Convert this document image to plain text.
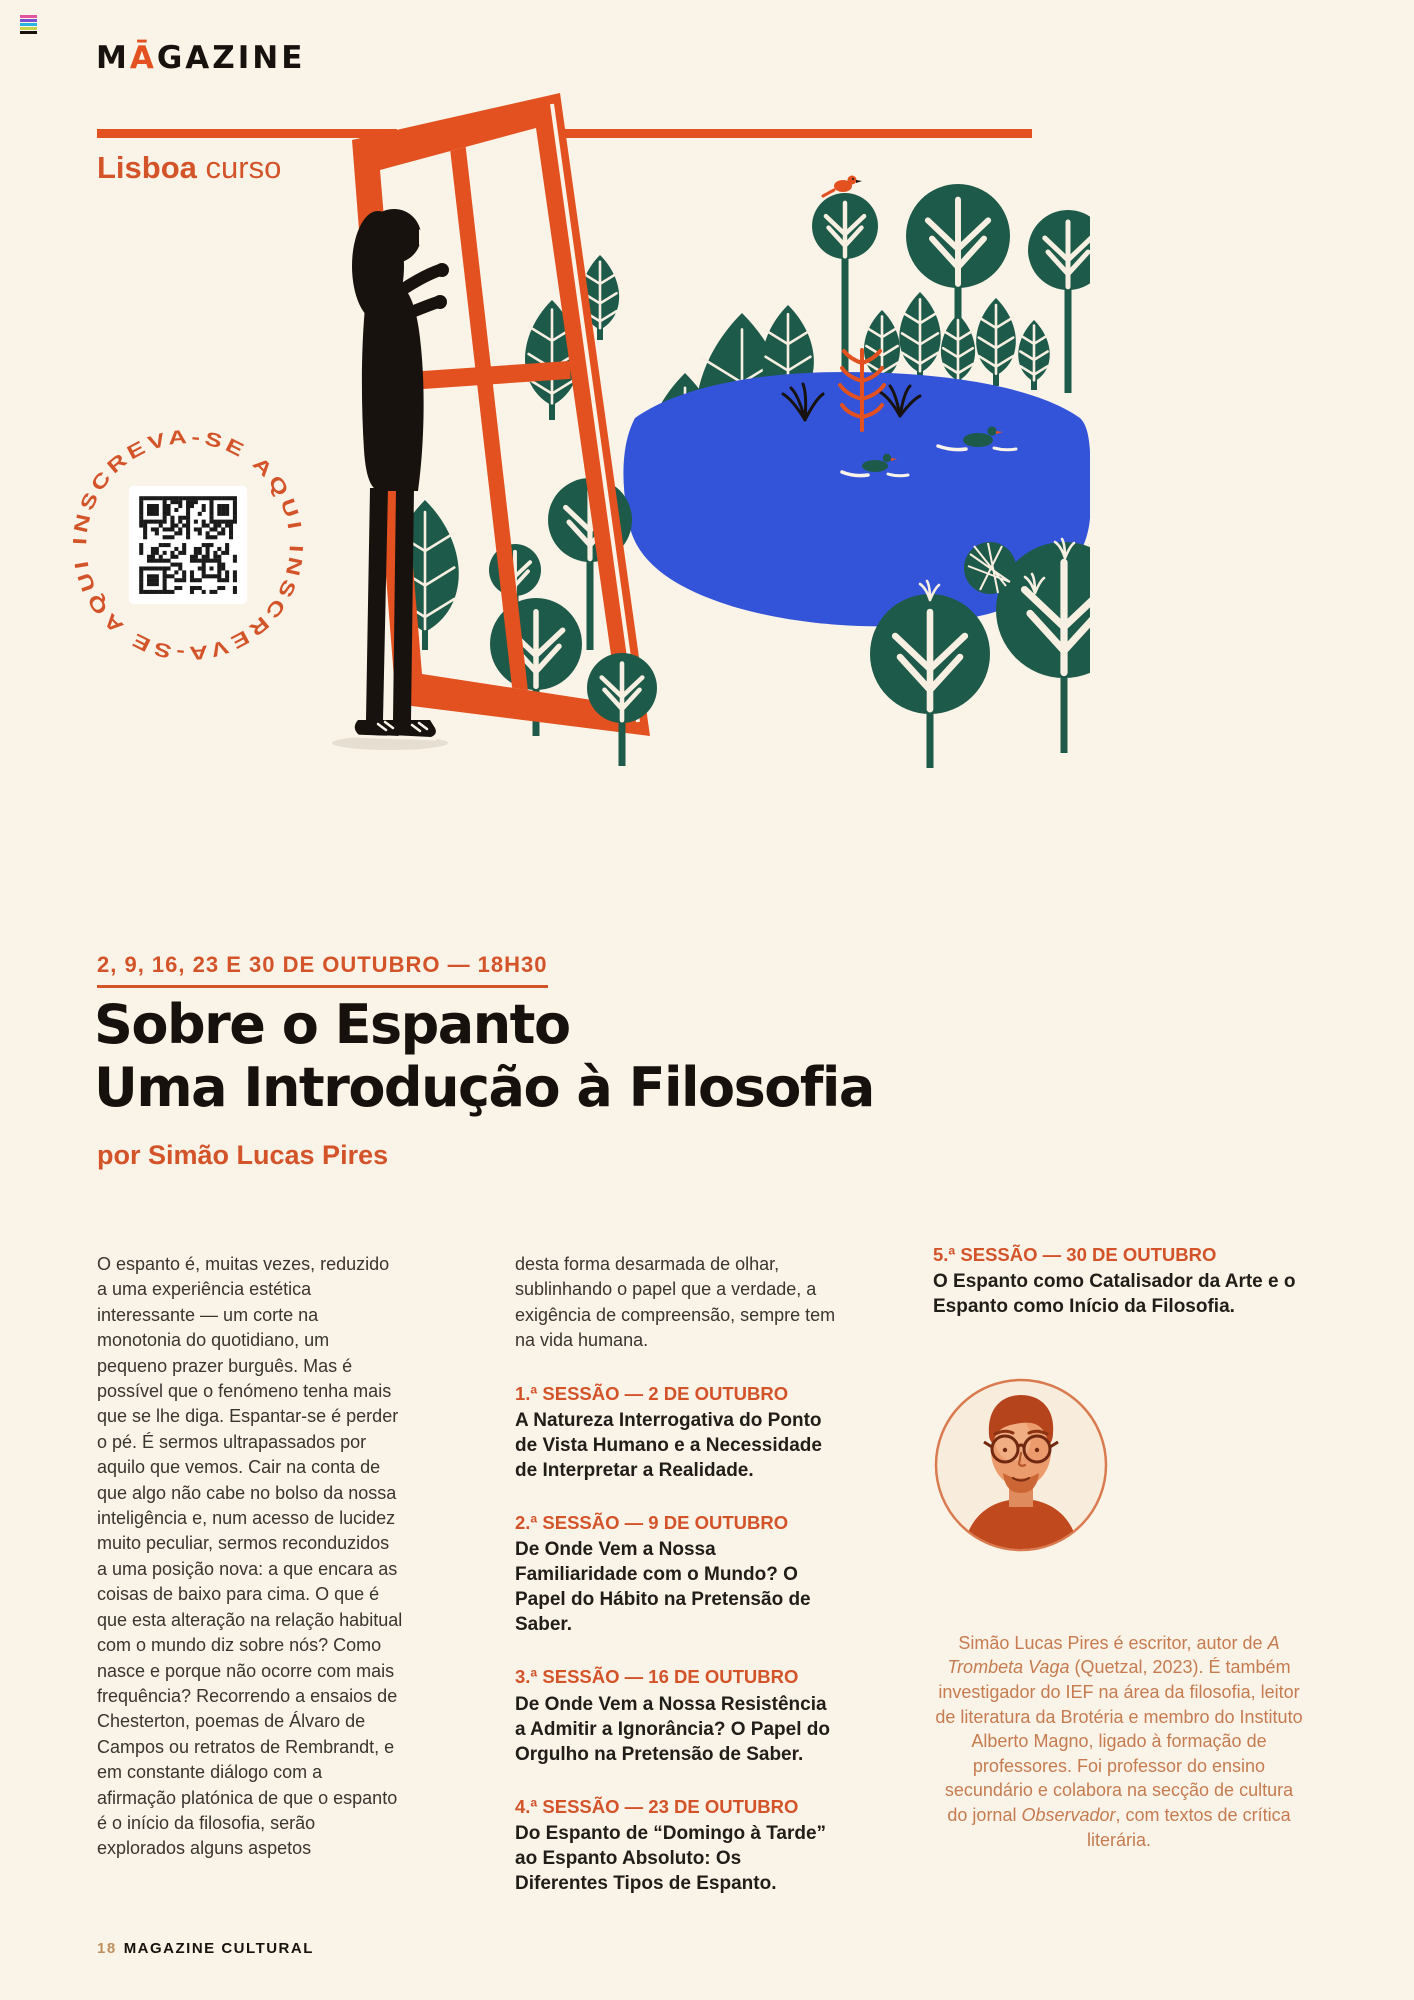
MĀGAZINE
Lisboa curso
INSCREVA-SE AQUI INSCREVA-SE AQUI
2, 9, 16, 23 E 30 DE OUTUBRO — 18H30
Sobre o Espanto
Uma Introdução à Filosofia
por Simão Lucas Pires
O espanto é, muitas vezes, reduzido a uma experiência estética interessante — um corte na monotonia do quotidiano, um pequeno prazer burguês. Mas é possível que o fenómeno tenha mais que se lhe diga. Espantar-se é perder o pé. É sermos ultrapassados por aquilo que vemos. Cair na conta de que algo não cabe no bolso da nossa inteligência e, num acesso de lucidez muito peculiar, sermos reconduzidos a uma posição nova: a que encara as coisas de baixo para cima. O que é que esta alteração na relação habitual com o mundo diz sobre nós? Como nasce e porque não ocorre com mais frequência? Recorrendo a ensaios de Chesterton, poemas de Álvaro de Campos ou retratos de Rembrandt, e em constante diálogo com a afirmação platónica de que o espanto é o início da filosofia, serão explorados alguns aspetos
desta forma desarmada de olhar, sublinhando o papel que a verdade, a exigência de compreensão, sempre tem na vida humana.
1.ª SESSÃO — 2 DE OUTUBRO
A Natureza Interrogativa do Ponto de Vista Humano e a Necessidade de Interpretar a Realidade.
2.ª SESSÃO — 9 DE OUTUBRO
De Onde Vem a Nossa Familiaridade com o Mundo? O Papel do Hábito na Pretensão de Saber.
3.ª SESSÃO — 16 DE OUTUBRO
De Onde Vem a Nossa Resistência a Admitir a Ignorância? O Papel do Orgulho na Pretensão de Saber.
4.ª SESSÃO — 23 DE OUTUBRO
Do Espanto de “Domingo à Tarde” ao Espanto Absoluto: Os Diferentes Tipos de Espanto.
5.ª SESSÃO — 30 DE OUTUBRO
O Espanto como Catalisador da Arte e o Espanto como Início da Filosofia.
Simão Lucas Pires é escritor, autor de A Trombeta Vaga (Quetzal, 2023). É também investigador do IEF na área da filosofia, leitor de literatura da Brotéria e membro do Instituto Alberto Magno, ligado à formação de professores. Foi professor do ensino secundário e colabora na secção de cultura do jornal Observador, com textos de crítica literária.
18 MAGAZINE CULTURAL
